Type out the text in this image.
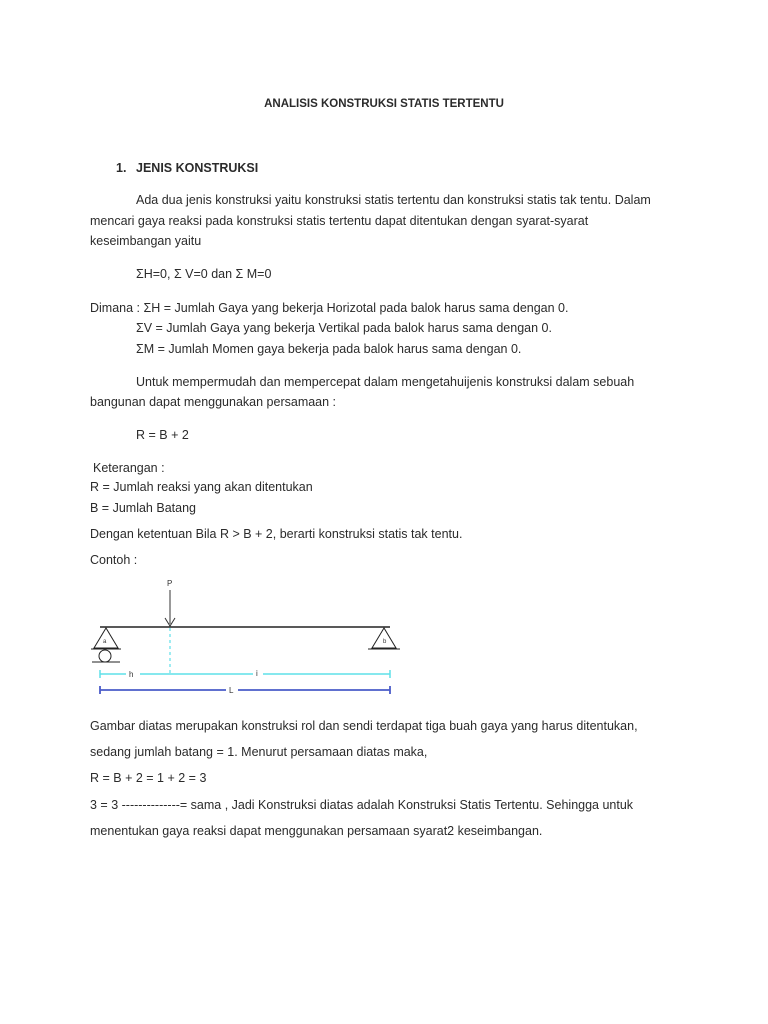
ANALISIS KONSTRUKSI STATIS TERTENTU
1. JENIS KONSTRUKSI
Ada dua jenis konstruksi yaitu konstruksi statis tertentu dan konstruksi statis tak tentu. Dalam
mencari gaya reaksi pada konstruksi statis tertentu dapat ditentukan dengan syarat-syarat
keseimbangan yaitu
ΣH=0, Σ V=0 dan Σ M=0
Dimana : ΣH = Jumlah Gaya yang bekerja Horizotal pada balok harus sama dengan 0.
ΣV = Jumlah Gaya yang bekerja Vertikal pada balok harus sama dengan 0.
ΣM = Jumlah Momen gaya bekerja pada balok harus sama dengan 0.
Untuk mempermudah dan mempercepat dalam mengetahuijenis konstruksi dalam sebuah
bangunan dapat menggunakan persamaan :
R = B + 2
Keterangan :
R = Jumlah reaksi yang akan ditentukan
B = Jumlah Batang
Dengan ketentuan Bila R > B + 2, berarti konstruksi statis tak tentu.
Contoh :
P
a	b
h	i
L
Gambar diatas merupakan konstruksi rol dan sendi terdapat tiga buah gaya yang harus ditentukan,
sedang jumlah batang = 1. Menurut persamaan diatas maka,
R = B + 2 = 1 + 2 = 3
3 = 3 --------------= sama , Jadi Konstruksi diatas adalah Konstruksi Statis Tertentu. Sehingga untuk
menentukan gaya reaksi dapat menggunakan persamaan syarat2 keseimbangan.
